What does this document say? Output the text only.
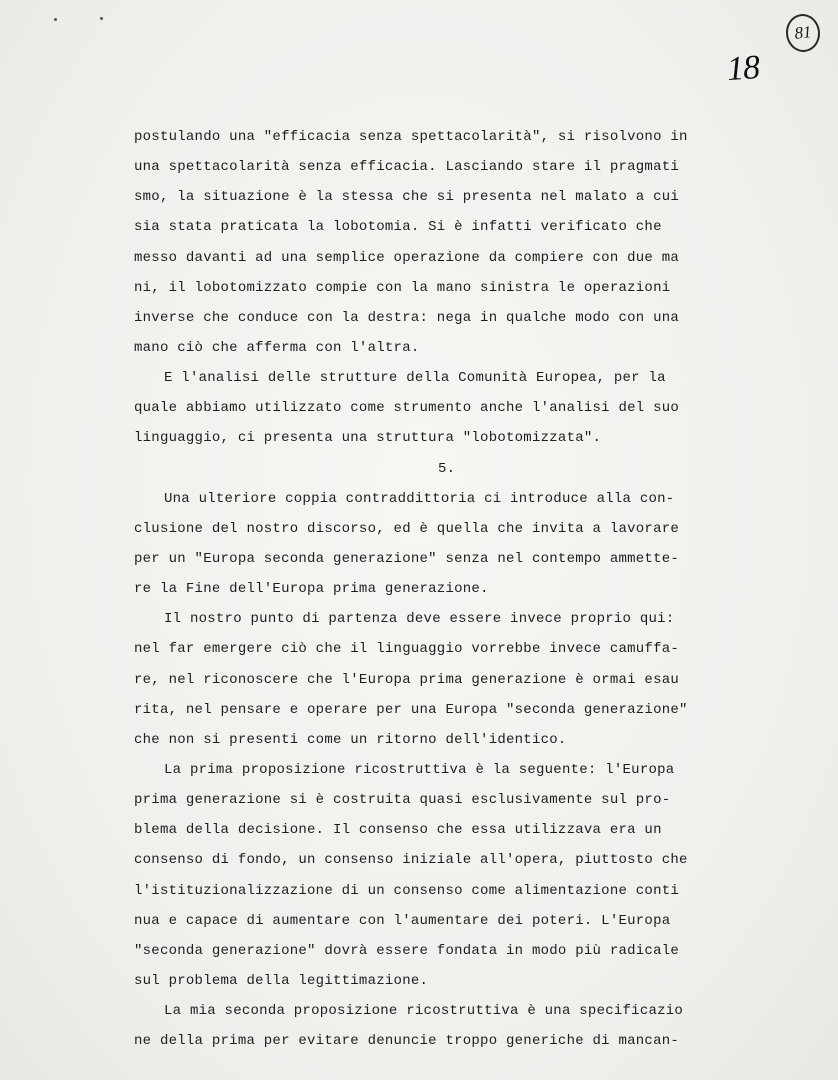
81
18
postulando una "efficacia senza spettacolarità", si risolvono in
una spettacolarità senza efficacia. Lasciando stare il pragmati
smo, la situazione è la stessa che si presenta nel malato a cui
sia stata praticata la lobotomia. Si è infatti verificato che
messo davanti ad una semplice operazione da compiere con due ma
ni, il lobotomizzato compie con la mano sinistra le operazioni
inverse che conduce con la destra: nega in qualche modo con una
mano ciò che afferma con l'altra.
E l'analisi delle strutture della Comunità Europea, per la
quale abbiamo utilizzato come strumento anche l'analisi del suo
linguaggio, ci presenta una struttura "lobotomizzata".
5.
Una ulteriore coppia contraddittoria ci introduce alla con-
clusione del nostro discorso, ed è quella che invita a lavorare
per un "Europa seconda generazione" senza nel contempo ammette-
re la Fine dell'Europa prima generazione.
Il nostro punto di partenza deve essere invece proprio qui:
nel far emergere ciò che il linguaggio vorrebbe invece camuffa-
re, nel riconoscere che l'Europa prima generazione è ormai esau
rita, nel pensare e operare per una Europa "seconda generazione"
che non si presenti come un ritorno dell'identico.
La prima proposizione ricostruttiva è la seguente: l'Europa
prima generazione si è costruita quasi esclusivamente sul pro-
blema della decisione. Il consenso che essa utilizzava era un
consenso di fondo, un consenso iniziale all'opera, piuttosto che
l'istituzionalizzazione di un consenso come alimentazione conti
nua e capace di aumentare con l'aumentare dei poteri. L'Europa
"seconda generazione" dovrà essere fondata in modo più radicale
sul problema della legittimazione.
La mia seconda proposizione ricostruttiva è una specificazio
ne della prima per evitare denuncie troppo generiche di mancan-
